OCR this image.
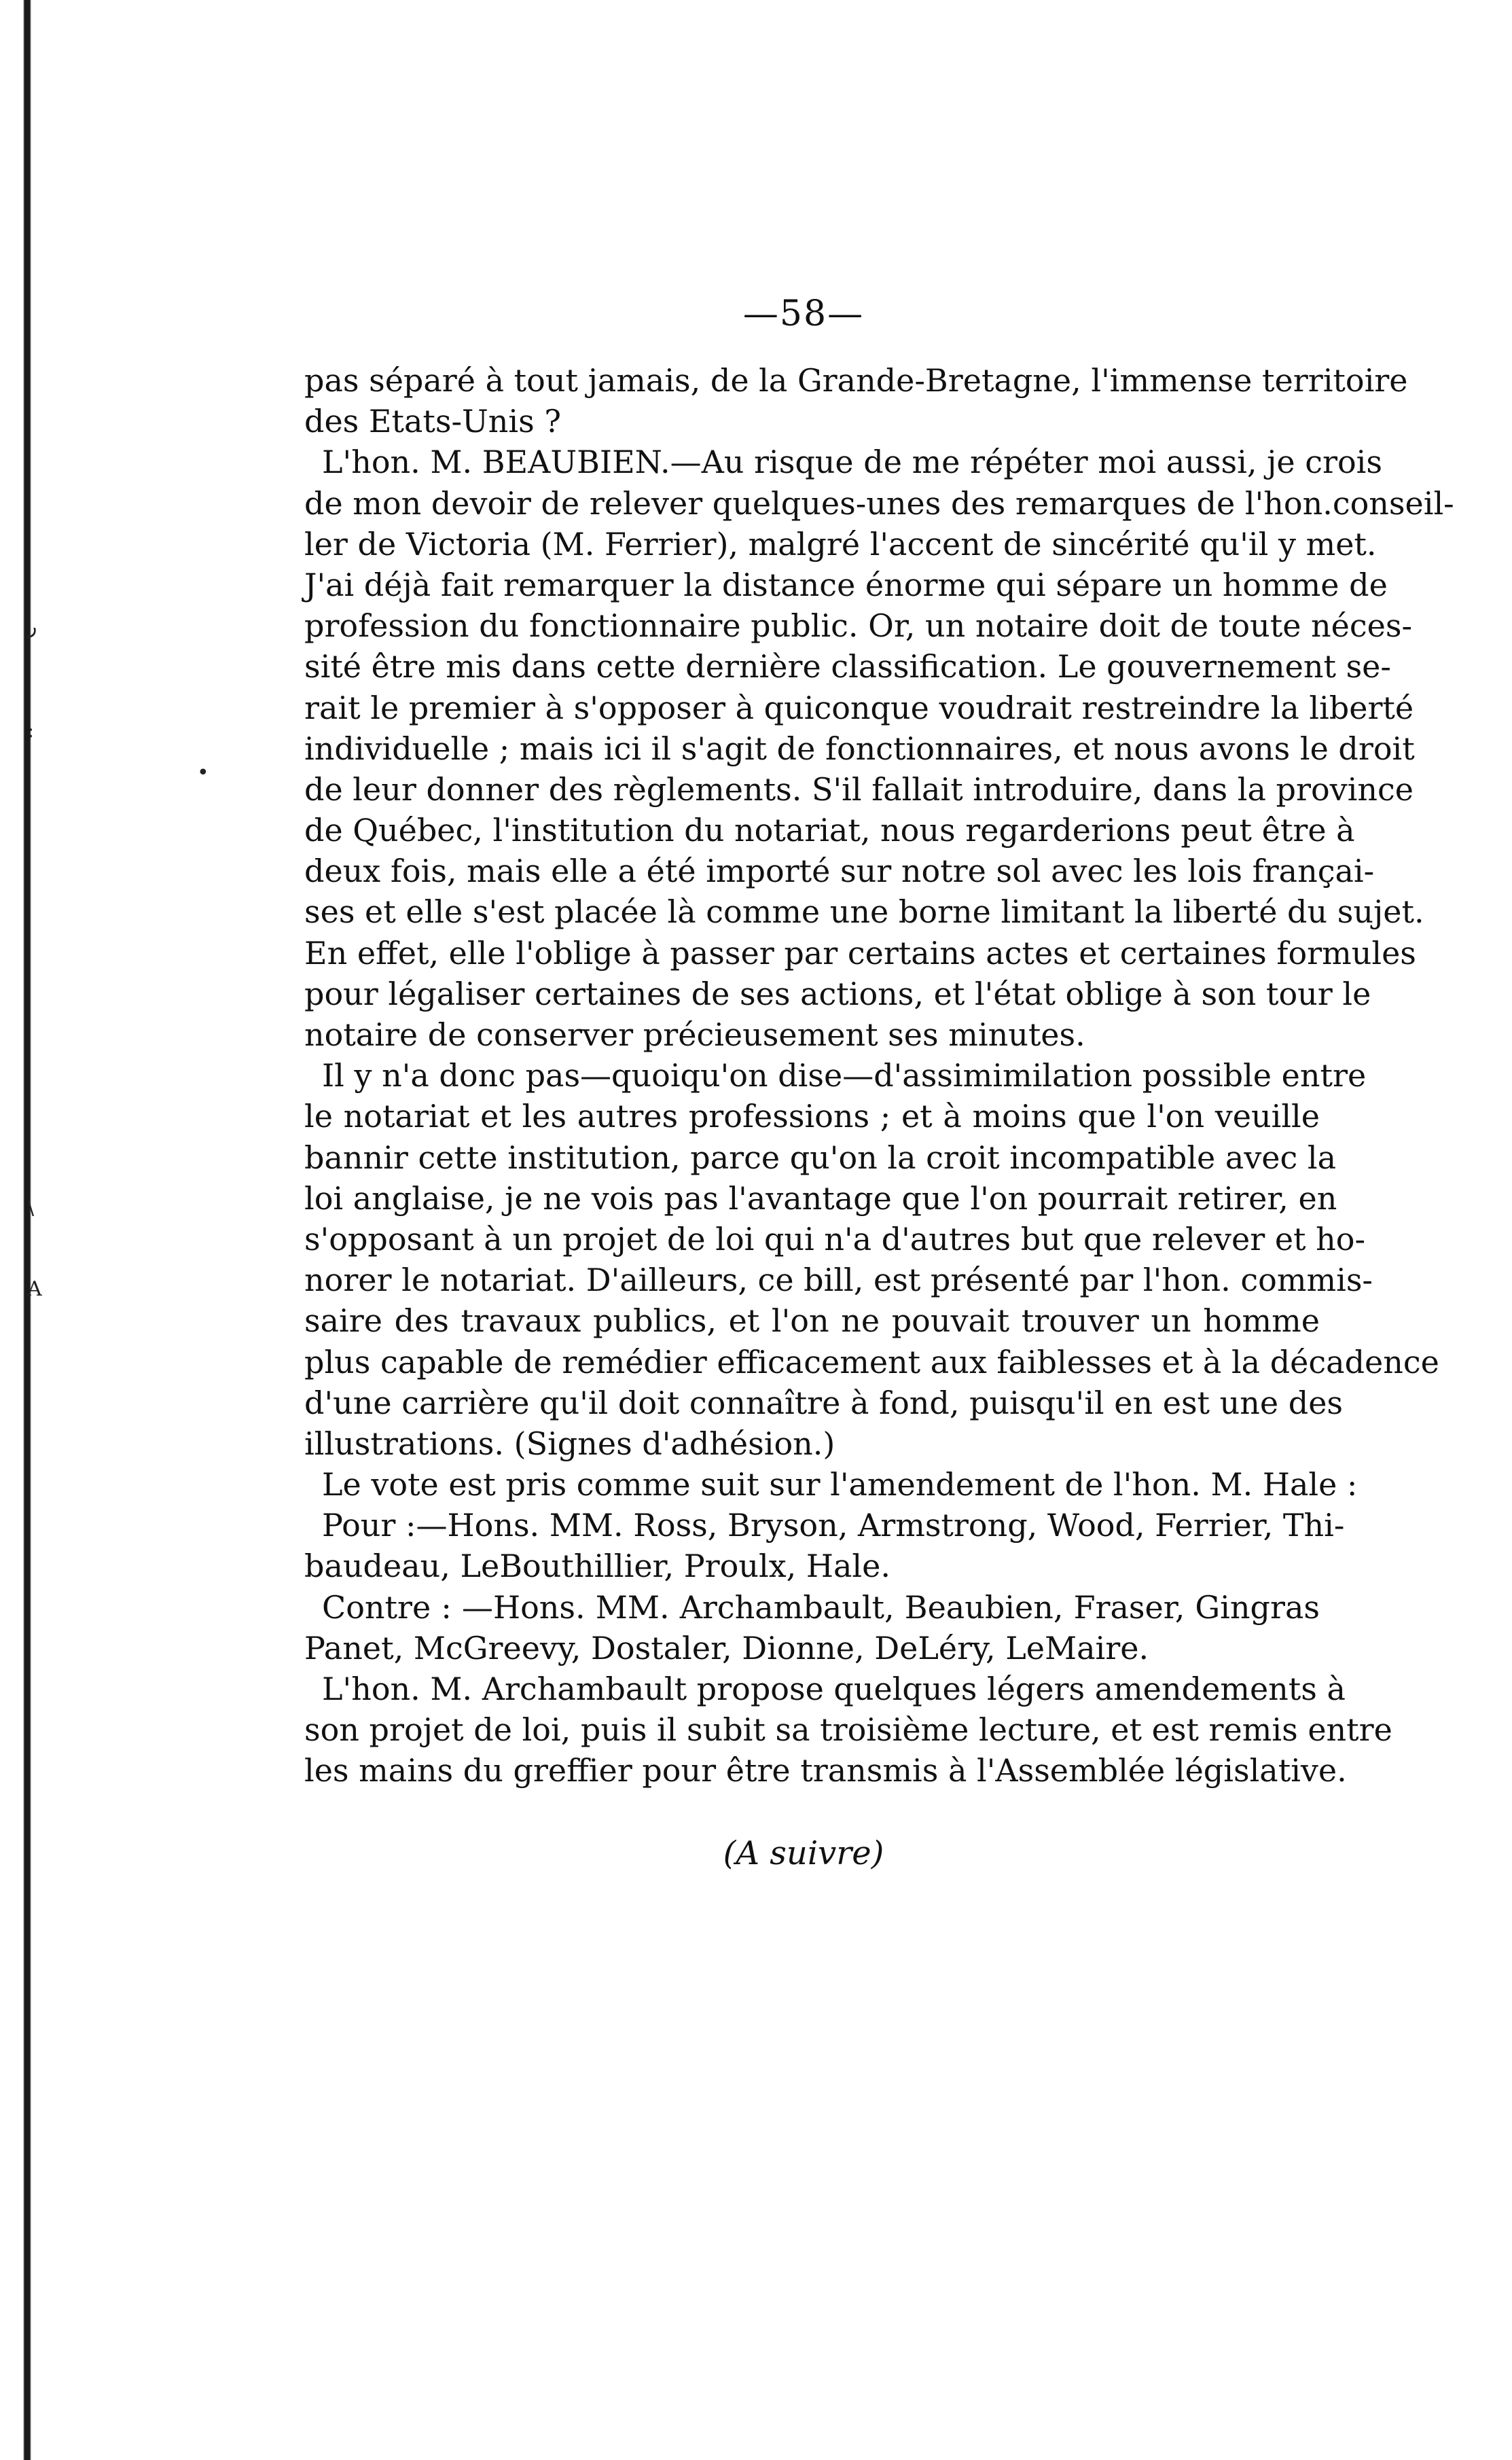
ر
:
•
\
A
—58—
pas séparé à tout jamais, de la Grande-Bretagne, l'immense territoire
des Etats-Unis ?
L'hon. M. BEAUBIEN.—Au risque de me répéter moi aussi, je crois
de mon devoir de relever quelques-unes des remarques de l'hon.conseil-
ler de Victoria (M. Ferrier), malgré l'accent de sincérité qu'il y met.
J'ai déjà fait remarquer la distance énorme qui sépare un homme de
profession du fonctionnaire public. Or, un notaire doit de toute néces-
sité être mis dans cette dernière classification. Le gouvernement se-
rait le premier à s'opposer à quiconque voudrait restreindre la liberté
individuelle ; mais ici il s'agit de fonctionnaires, et nous avons le droit
de leur donner des règlements. S'il fallait introduire, dans la province
de Québec, l'institution du notariat, nous regarderions peut être à
deux fois, mais elle a été importé sur notre sol avec les lois françai-
ses et elle s'est placée là comme une borne limitant la liberté du sujet.
En effet, elle l'oblige à passer par certains actes et certaines formules
pour légaliser certaines de ses actions, et l'état oblige à son tour le
notaire de conserver précieusement ses minutes.
Il y n'a donc pas—quoiqu'on dise—d'assimimilation possible entre
le notariat et les autres professions ; et à moins que l'on veuille
bannir cette institution, parce qu'on la croit incompatible avec la
loi anglaise, je ne vois pas l'avantage que l'on pourrait retirer, en
s'opposant à un projet de loi qui n'a d'autres but que relever et ho-
norer le notariat. D'ailleurs, ce bill, est présenté par l'hon. commis-
saire des travaux publics, et l'on ne pouvait trouver un homme
plus capable de remédier efficacement aux faiblesses et à la décadence
d'une carrière qu'il doit connaître à fond, puisqu'il en est une des
illustrations. (Signes d'adhésion.)
Le vote est pris comme suit sur l'amendement de l'hon. M. Hale :
Pour :—Hons. MM. Ross, Bryson, Armstrong, Wood, Ferrier, Thi-
baudeau, LeBouthillier, Proulx, Hale.
Contre : —Hons. MM. Archambault, Beaubien, Fraser, Gingras
Panet, McGreevy, Dostaler, Dionne, DeLéry, LeMaire.
L'hon. M. Archambault propose quelques légers amendements à
son projet de loi, puis il subit sa troisième lecture, et est remis entre
les mains du greffier pour être transmis à l'Assemblée législative.
(A suivre)
